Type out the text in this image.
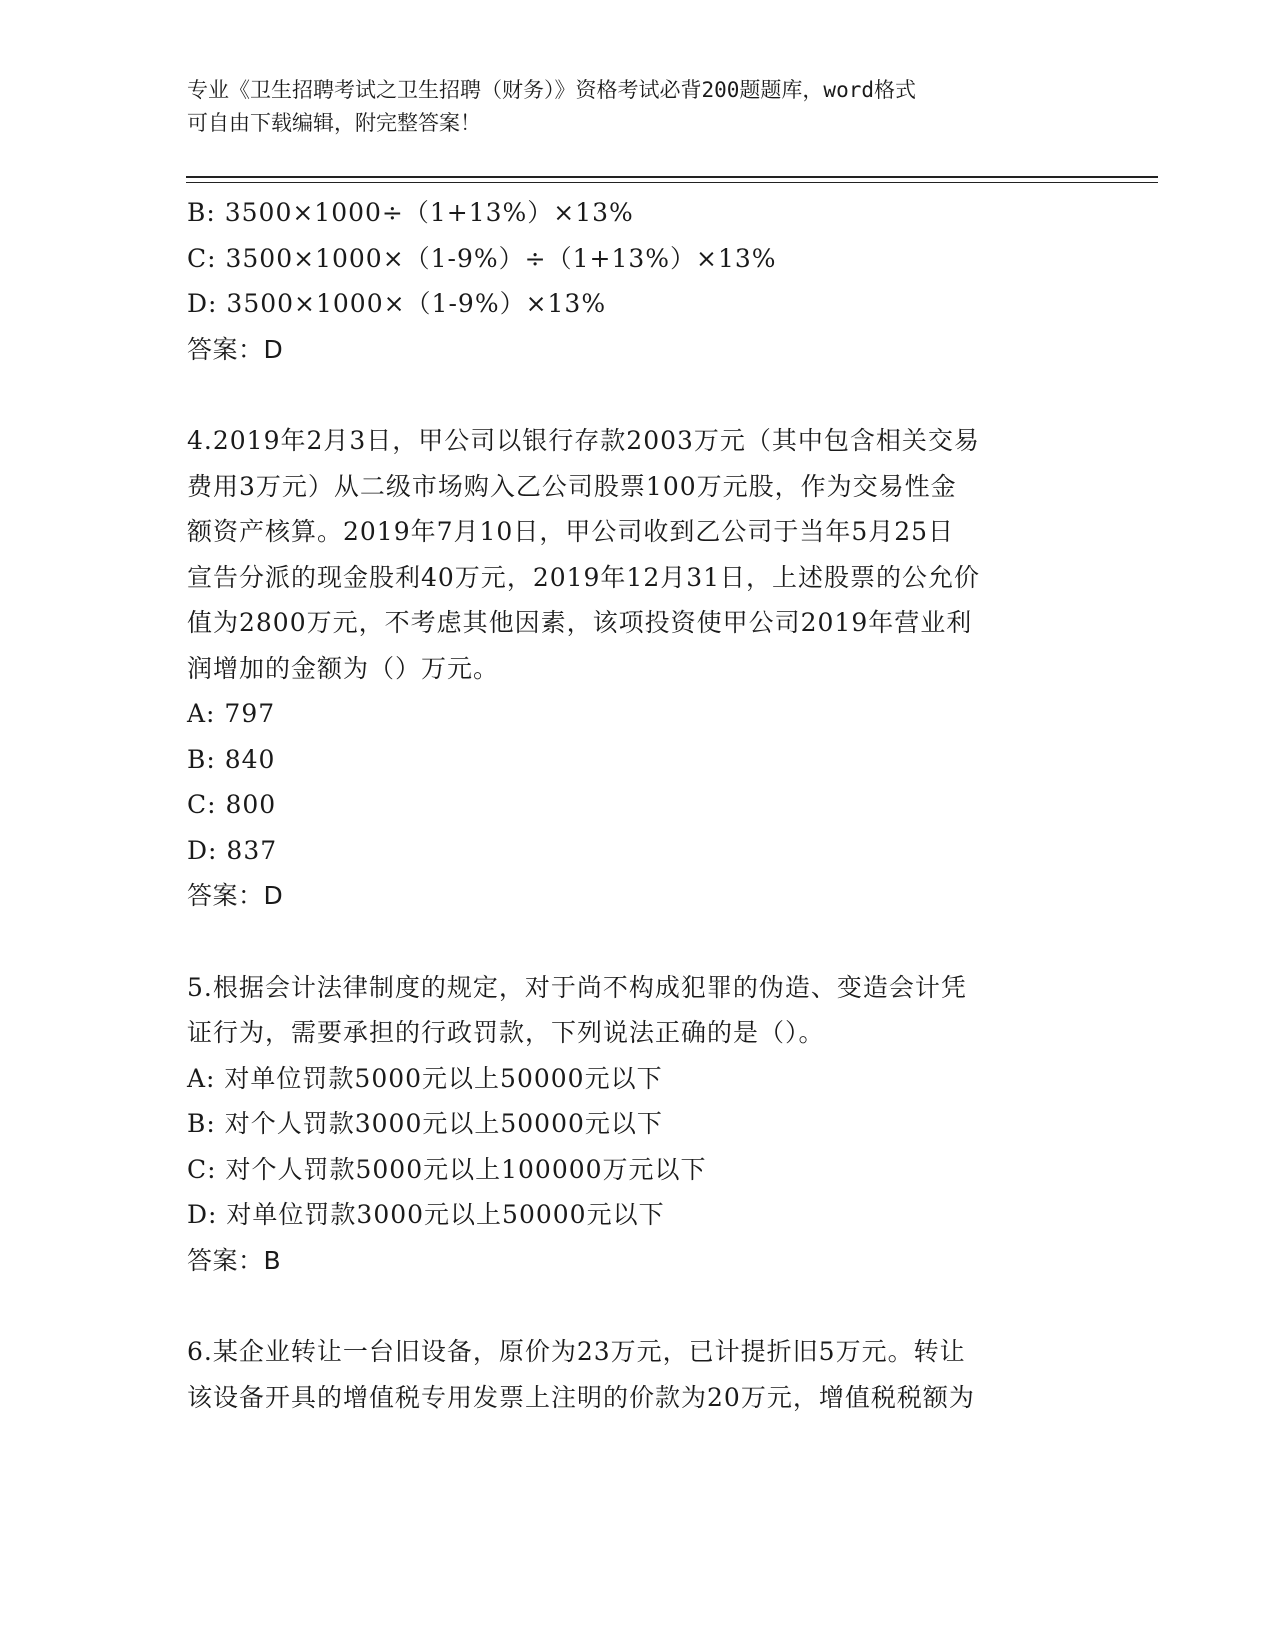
专业《卫生招聘考试之卫生招聘（财务）》资格考试必背200题题库，word格式
可自由下载编辑，附完整答案！
B: 3500×1000÷（1+13%）×13%
C: 3500×1000×（1-9%）÷（1+13%）×13%
D: 3500×1000×（1-9%）×13%
答案：D
4.2019年2月3日，甲公司以银行存款2003万元（其中包含相关交易
费用3万元）从二级市场购入乙公司股票100万元股，作为交易性金
额资产核算。2019年7月10日，甲公司收到乙公司于当年5月25日
宣告分派的现金股利40万元，2019年12月31日，上述股票的公允价
值为2800万元，不考虑其他因素，该项投资使甲公司2019年营业利
润增加的金额为（）万元。
A: 797
B: 840
C: 800
D: 837
答案：D
5.根据会计法律制度的规定，对于尚不构成犯罪的伪造、变造会计凭
证行为，需要承担的行政罚款，下列说法正确的是（）。
A: 对单位罚款5000元以上50000元以下
B: 对个人罚款3000元以上50000元以下
C: 对个人罚款5000元以上100000万元以下
D: 对单位罚款3000元以上50000元以下
答案：B
6.某企业转让一台旧设备，原价为23万元，已计提折旧5万元。转让
该设备开具的增值税专用发票上注明的价款为20万元，增值税税额为
